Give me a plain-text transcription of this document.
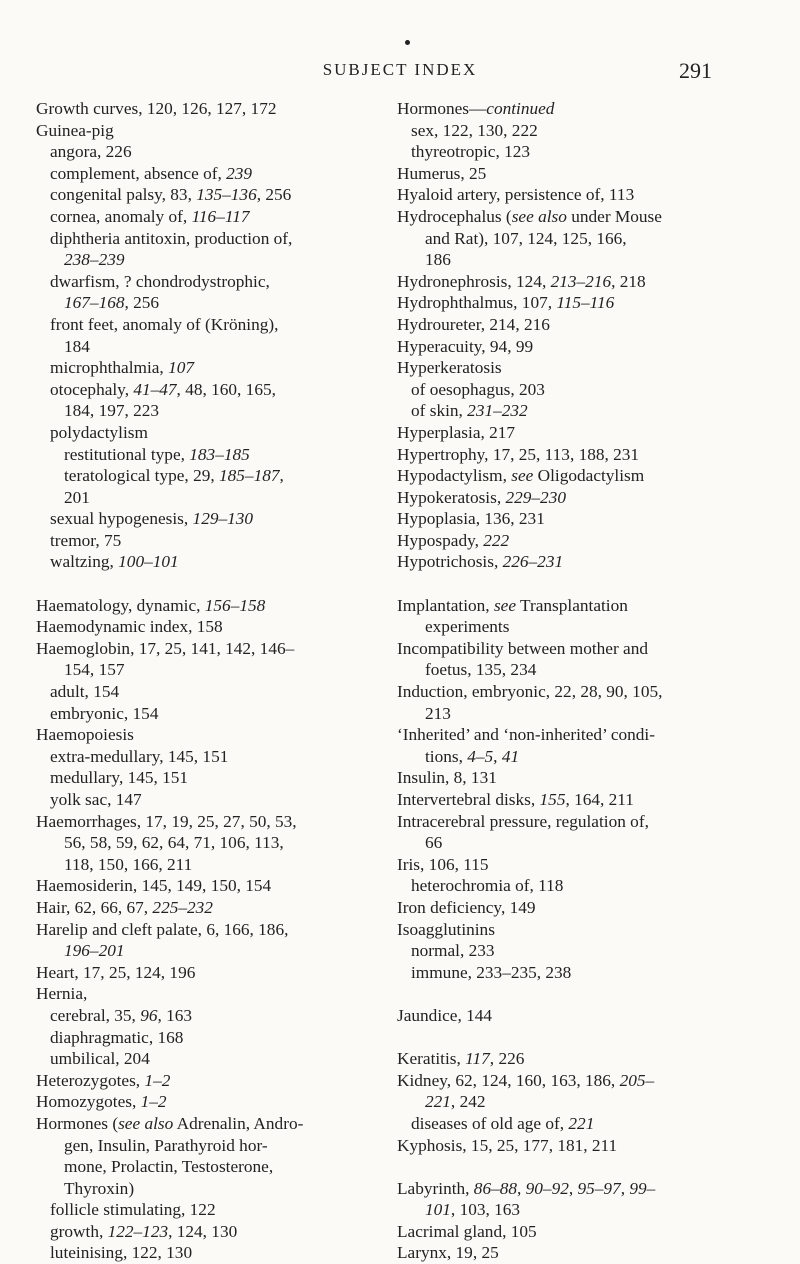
SUBJECT INDEX	291
Growth curves, 120, 126, 127, 172
Guinea-pig
angora, 226
complement, absence of, 239
congenital palsy, 83, 135–136, 256
cornea, anomaly of, 116–117
diphtheria antitoxin, production of,
238–239
dwarfism, ? chondrodystrophic,
167–168, 256
front feet, anomaly of (Kröning),
184
microphthalmia, 107
otocephaly, 41–47, 48, 160, 165,
184, 197, 223
polydactylism
restitutional type, 183–185
teratological type, 29, 185–187,
201
sexual hypogenesis, 129–130
tremor, 75
waltzing, 100–101
Haematology, dynamic, 156–158
Haemodynamic index, 158
Haemoglobin, 17, 25, 141, 142, 146–
154, 157
adult, 154
embryonic, 154
Haemopoiesis
extra-medullary, 145, 151
medullary, 145, 151
yolk sac, 147
Haemorrhages, 17, 19, 25, 27, 50, 53,
56, 58, 59, 62, 64, 71, 106, 113,
118, 150, 166, 211
Haemosiderin, 145, 149, 150, 154
Hair, 62, 66, 67, 225–232
Harelip and cleft palate, 6, 166, 186,
196–201
Heart, 17, 25, 124, 196
Hernia,
cerebral, 35, 96, 163
diaphragmatic, 168
umbilical, 204
Heterozygotes, 1–2
Homozygotes, 1–2
Hormones (see also Adrenalin, Andro-
gen, Insulin, Parathyroid hor-
mone, Prolactin, Testosterone,
Thyroxin)
follicle stimulating, 122
growth, 122–123, 124, 130
luteinising, 122, 130
Hormones—continued
sex, 122, 130, 222
thyreotropic, 123
Humerus, 25
Hyaloid artery, persistence of, 113
Hydrocephalus (see also under Mouse
and Rat), 107, 124, 125, 166,
186
Hydronephrosis, 124, 213–216, 218
Hydrophthalmus, 107, 115–116
Hydroureter, 214, 216
Hyperacuity, 94, 99
Hyperkeratosis
of oesophagus, 203
of skin, 231–232
Hyperplasia, 217
Hypertrophy, 17, 25, 113, 188, 231
Hypodactylism, see Oligodactylism
Hypokeratosis, 229–230
Hypoplasia, 136, 231
Hypospady, 222
Hypotrichosis, 226–231
Implantation, see Transplantation
experiments
Incompatibility between mother and
foetus, 135, 234
Induction, embryonic, 22, 28, 90, 105,
213
‘Inherited’ and ‘non-inherited’ condi-
tions, 4–5, 41
Insulin, 8, 131
Intervertebral disks, 155, 164, 211
Intracerebral pressure, regulation of,
66
Iris, 106, 115
heterochromia of, 118
Iron deficiency, 149
Isoagglutinins
normal, 233
immune, 233–235, 238
Jaundice, 144
Keratitis, 117, 226
Kidney, 62, 124, 160, 163, 186, 205–
221, 242
diseases of old age of, 221
Kyphosis, 15, 25, 177, 181, 211
Labyrinth, 86–88, 90–92, 95–97, 99–
101, 103, 163
Lacrimal gland, 105
Larynx, 19, 25
